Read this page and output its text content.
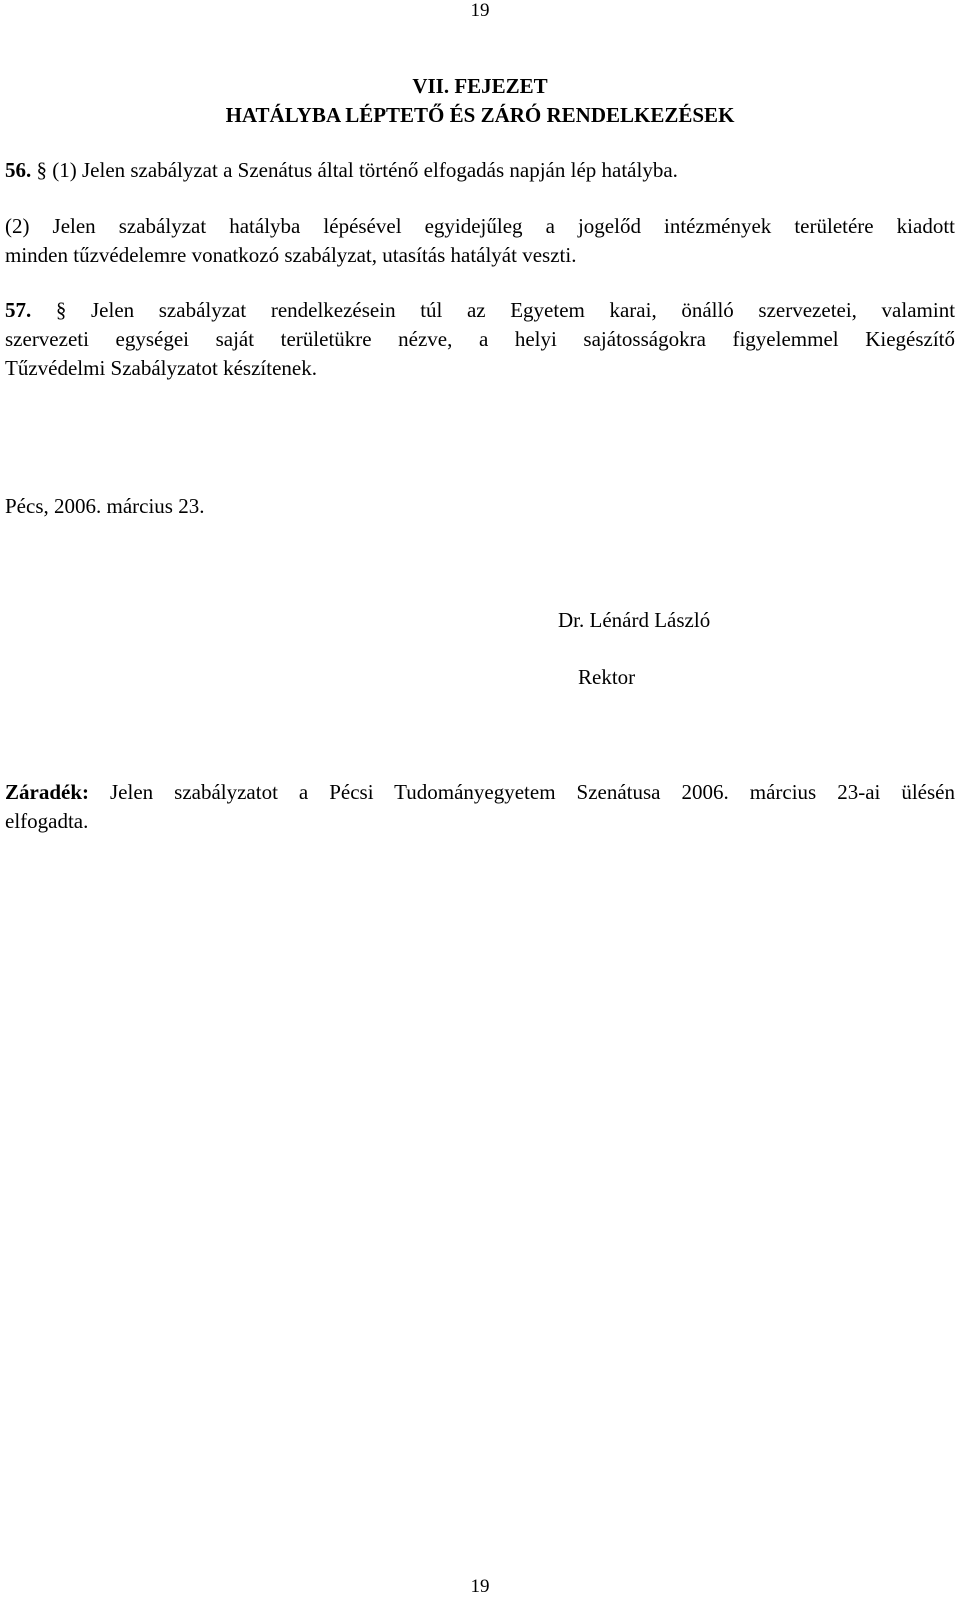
19
VII. FEJEZET
HATÁLYBA LÉPTETŐ ÉS ZÁRÓ RENDELKEZÉSEK
56. § (1) Jelen szabályzat a Szenátus által történő elfogadás napján lép hatályba.
(2) Jelen szabályzat hatályba lépésével egyidejűleg a jogelőd intézmények területére kiadott
minden tűzvédelemre vonatkozó szabályzat, utasítás hatályát veszti.
57. § Jelen szabályzat rendelkezésein túl az Egyetem karai, önálló szervezetei, valamint
szervezeti egységei saját területükre nézve, a helyi sajátosságokra figyelemmel Kiegészítő
Tűzvédelmi Szabályzatot készítenek.
Pécs, 2006. március 23.
Dr. Lénárd László
Rektor
Záradék: Jelen szabályzatot a Pécsi Tudományegyetem Szenátusa 2006. március 23-ai ülésén
elfogadta.
19
